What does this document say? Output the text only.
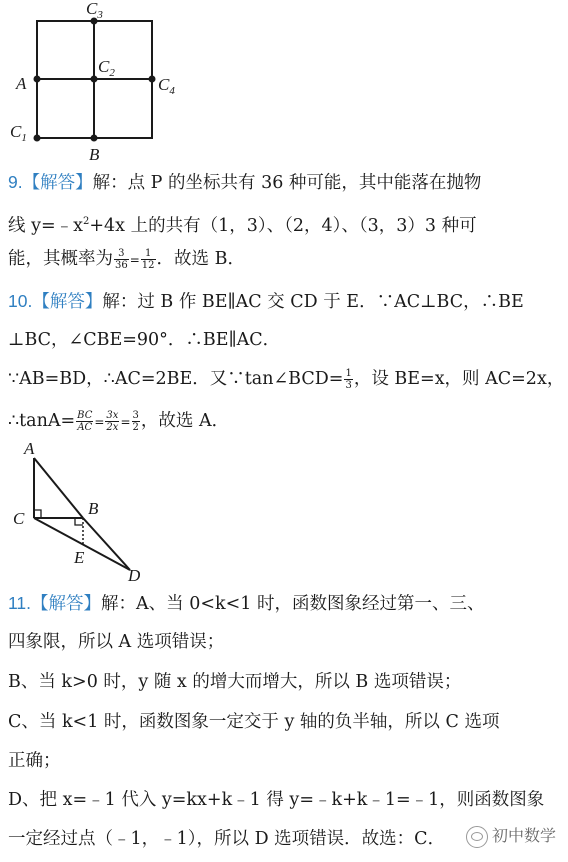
$C_3$
$C_2$
$C_4$
A
$C_1$
B
9.【解答】解：点 P 的坐标共有 36 种可能，其中能落在抛物
线 $y=﹣x^2+4x$ 上的共有（1，3）、（2，4）、（3，3）3 种可
能，其概率为 $\frac{3}{36} = \frac{1}{12}$ ．故选 B．
10.【解答】解：过 B 作 BE∥AC 交 CD 于 E．∵AC⊥BC，∴BE
⊥BC，∠CBE=90°．∴BE∥AC．
∵AB=BD，∴AC=2BE．又∵tan∠BCD= $\frac{1}{3}$ ，设 BE=x，则 AC=2x，
∴tanA= $\frac{BC}{AC} = \frac{3x}{2x} = \frac{3}{2}$ ，故选 A．
A
C
B
E
D
11.【解答】解：A、当 0<k<1 时，函数图象经过第一、三、
四象限，所以 A 选项错误；
B、当 k>0 时，y 随 x 的增大而增大，所以 B 选项错误；
C、当 k<1 时，函数图象一定交于 y 轴的负半轴，所以 C 选项
正确；
D、把 x=﹣1 代入 y=kx+k﹣1 得 y=﹣k+k﹣1=﹣1，则函数图象
一定经过点（﹣1，﹣1），所以 D 选项错误．故选：C．	初中数学
